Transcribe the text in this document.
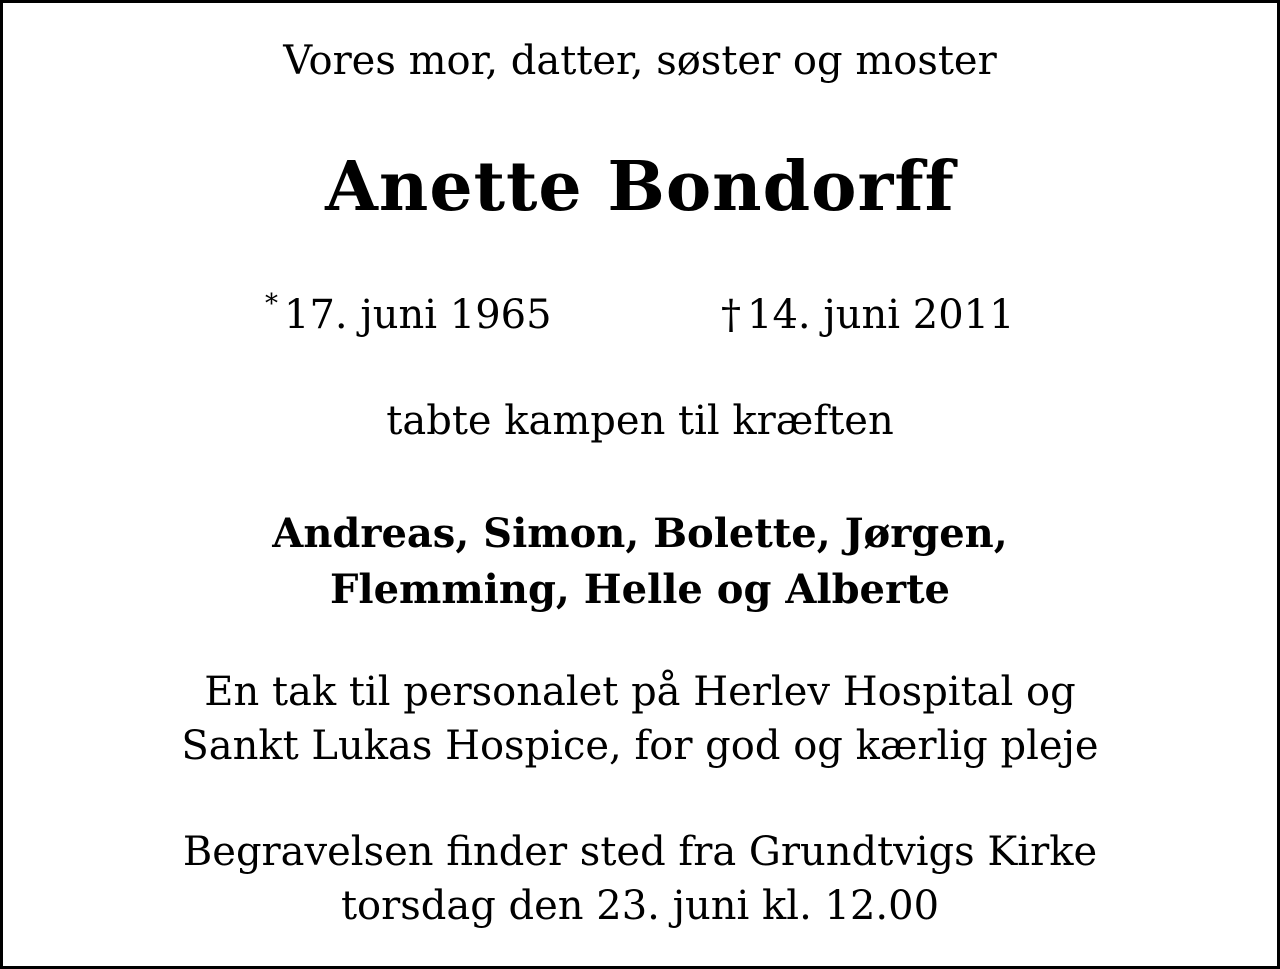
Vores mor, datter, søster og moster

Anette Bondorff
* 17. juni 1965	† 14. juni 2011

tabte kampen til kræften

Andreas, Simon, Bolette, Jørgen,
Flemming, Helle og Alberte
En tak til personalet på Herlev Hospital og
Sankt Lukas Hospice, for god og kærlig pleje
Begravelsen finder sted fra Grundtvigs Kirke
torsdag den 23. juni kl. 12.00
